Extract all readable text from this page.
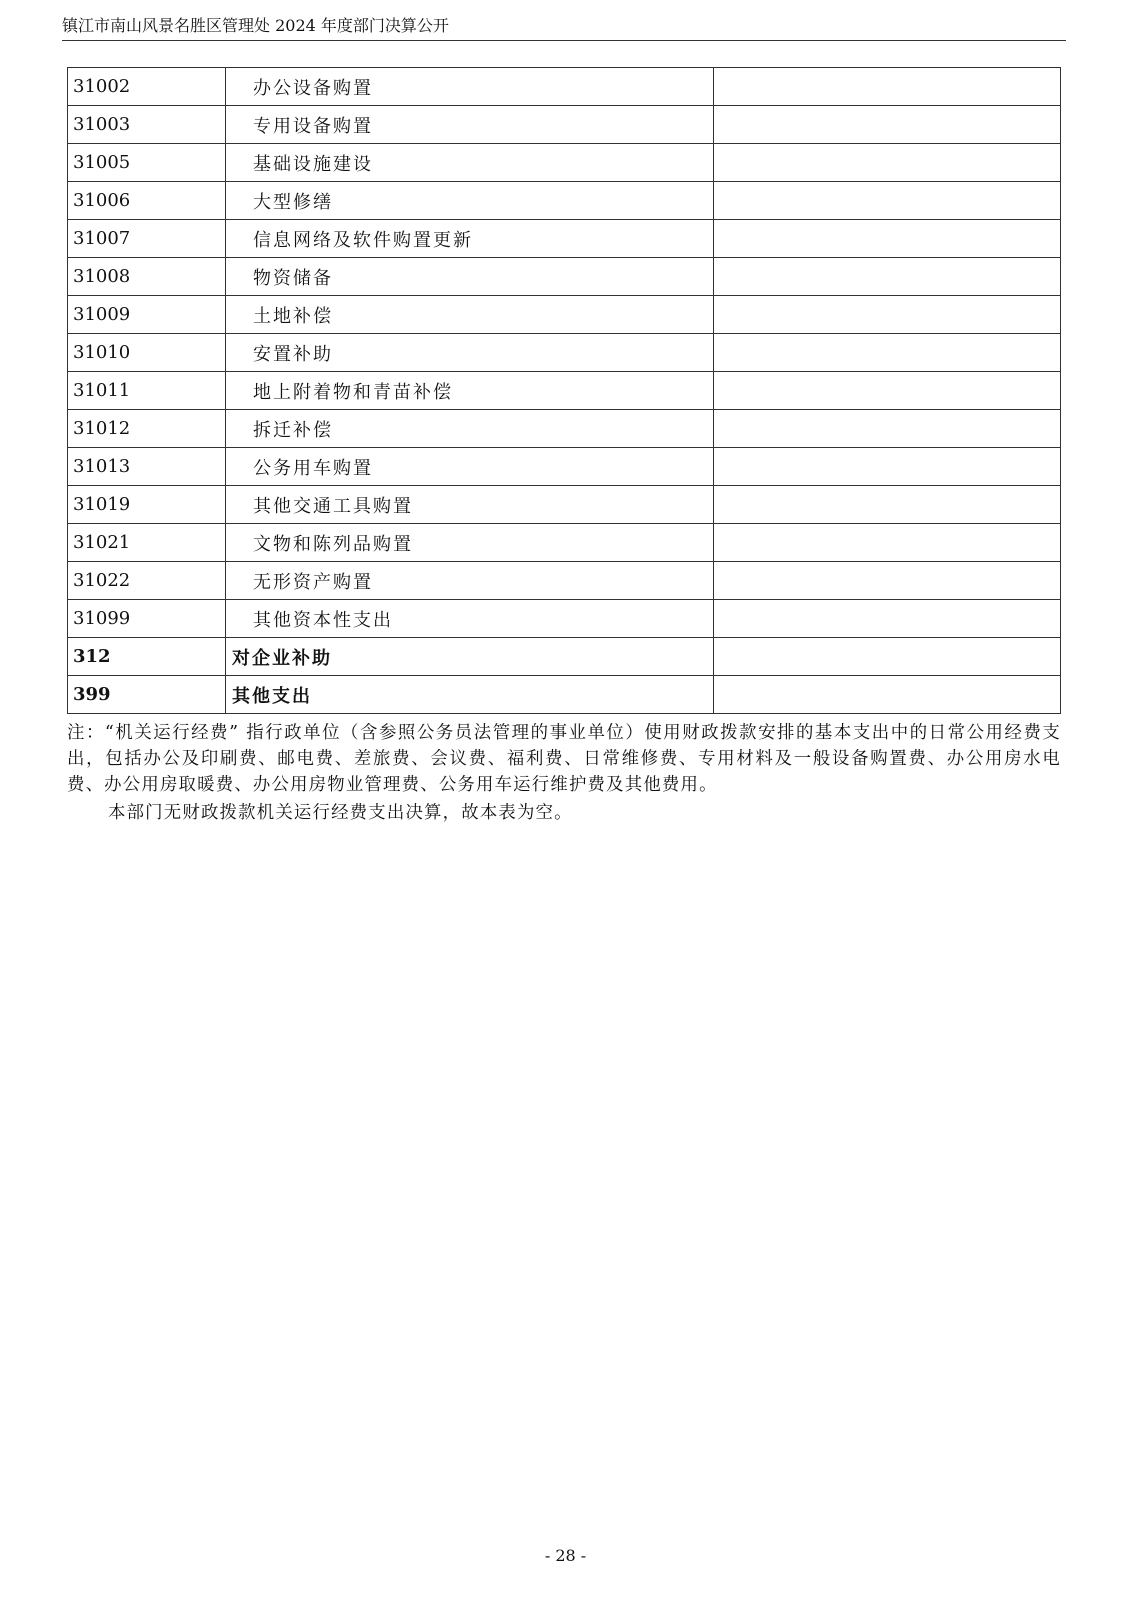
镇江市南山风景名胜区管理处 2024 年度部门决算公开
31002	办公设备购置	
31003	专用设备购置	
31005	基础设施建设	
31006	大型修缮	
31007	信息网络及软件购置更新	
31008	物资储备	
31009	土地补偿	
31010	安置补助	
31011	地上附着物和青苗补偿	
31012	拆迁补偿	
31013	公务用车购置	
31019	其他交通工具购置	
31021	文物和陈列品购置	
31022	无形资产购置	
31099	其他资本性支出	
312	对企业补助	
399	其他支出	
注：“机关运行经费” 指行政单位（含参照公务员法管理的事业单位）使用财政拨款安排的基本支出中的日常公用经费支出，包括办公及印刷费、邮电费、差旅费、会议费、福利费、日常维修费、专用材料及一般设备购置费、办公用房水电费、办公用房取暖费、办公用房物业管理费、公务用车运行维护费及其他费用。
本部门无财政拨款机关运行经费支出决算，故本表为空。
- 28 -
